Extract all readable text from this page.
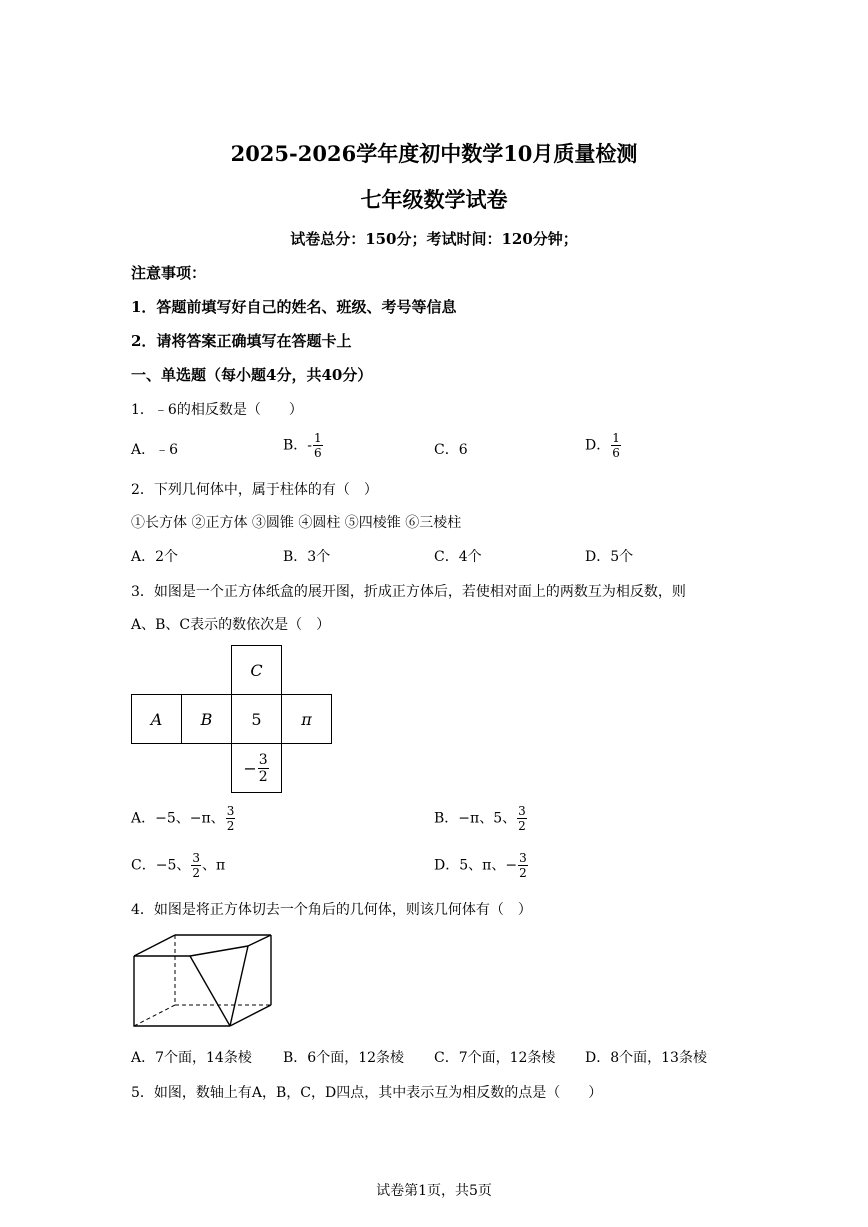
2025-2026学年度初中数学10月质量检测
七年级数学试卷
试卷总分：150分；考试时间：120分钟；
注意事项：
1．答题前填写好自己的姓名、班级、考号等信息
2．请将答案正确填写在答题卡上
一、单选题（每小题4分，共40分）
1．﹣6的相反数是（　　）
A．﹣6	B．- $\frac{1}{6}$	C．6	D． $\frac{1}{6}$
2．下列几何体中，属于柱体的有（　）
①长方体 ②正方体 ③圆锥 ④圆柱 ⑤四棱锥 ⑥三棱柱
A．2个	B．3个	C．4个	D．5个
3．如图是一个正方体纸盒的展开图，折成正方体后，若使相对面上的两数互为相反数，则
A、B、C表示的数依次是（　）
C
A	B	5	π
− $\frac{3}{2}$
A．−5、−π、 $\frac{3}{2}$	B．−π、5、 $\frac{3}{2}$
C．−5、 $\frac{3}{2}$ 、π	D．5、π、− $\frac{3}{2}$
4．如图是将正方体切去一个角后的几何体，则该几何体有（　）
A．7个面，14条棱 B．6个面，12条棱 C．7个面，12条棱 D．8个面，13条棱
5．如图，数轴上有A，B，C，D四点，其中表示互为相反数的点是（　　）
试卷第1页，共5页
